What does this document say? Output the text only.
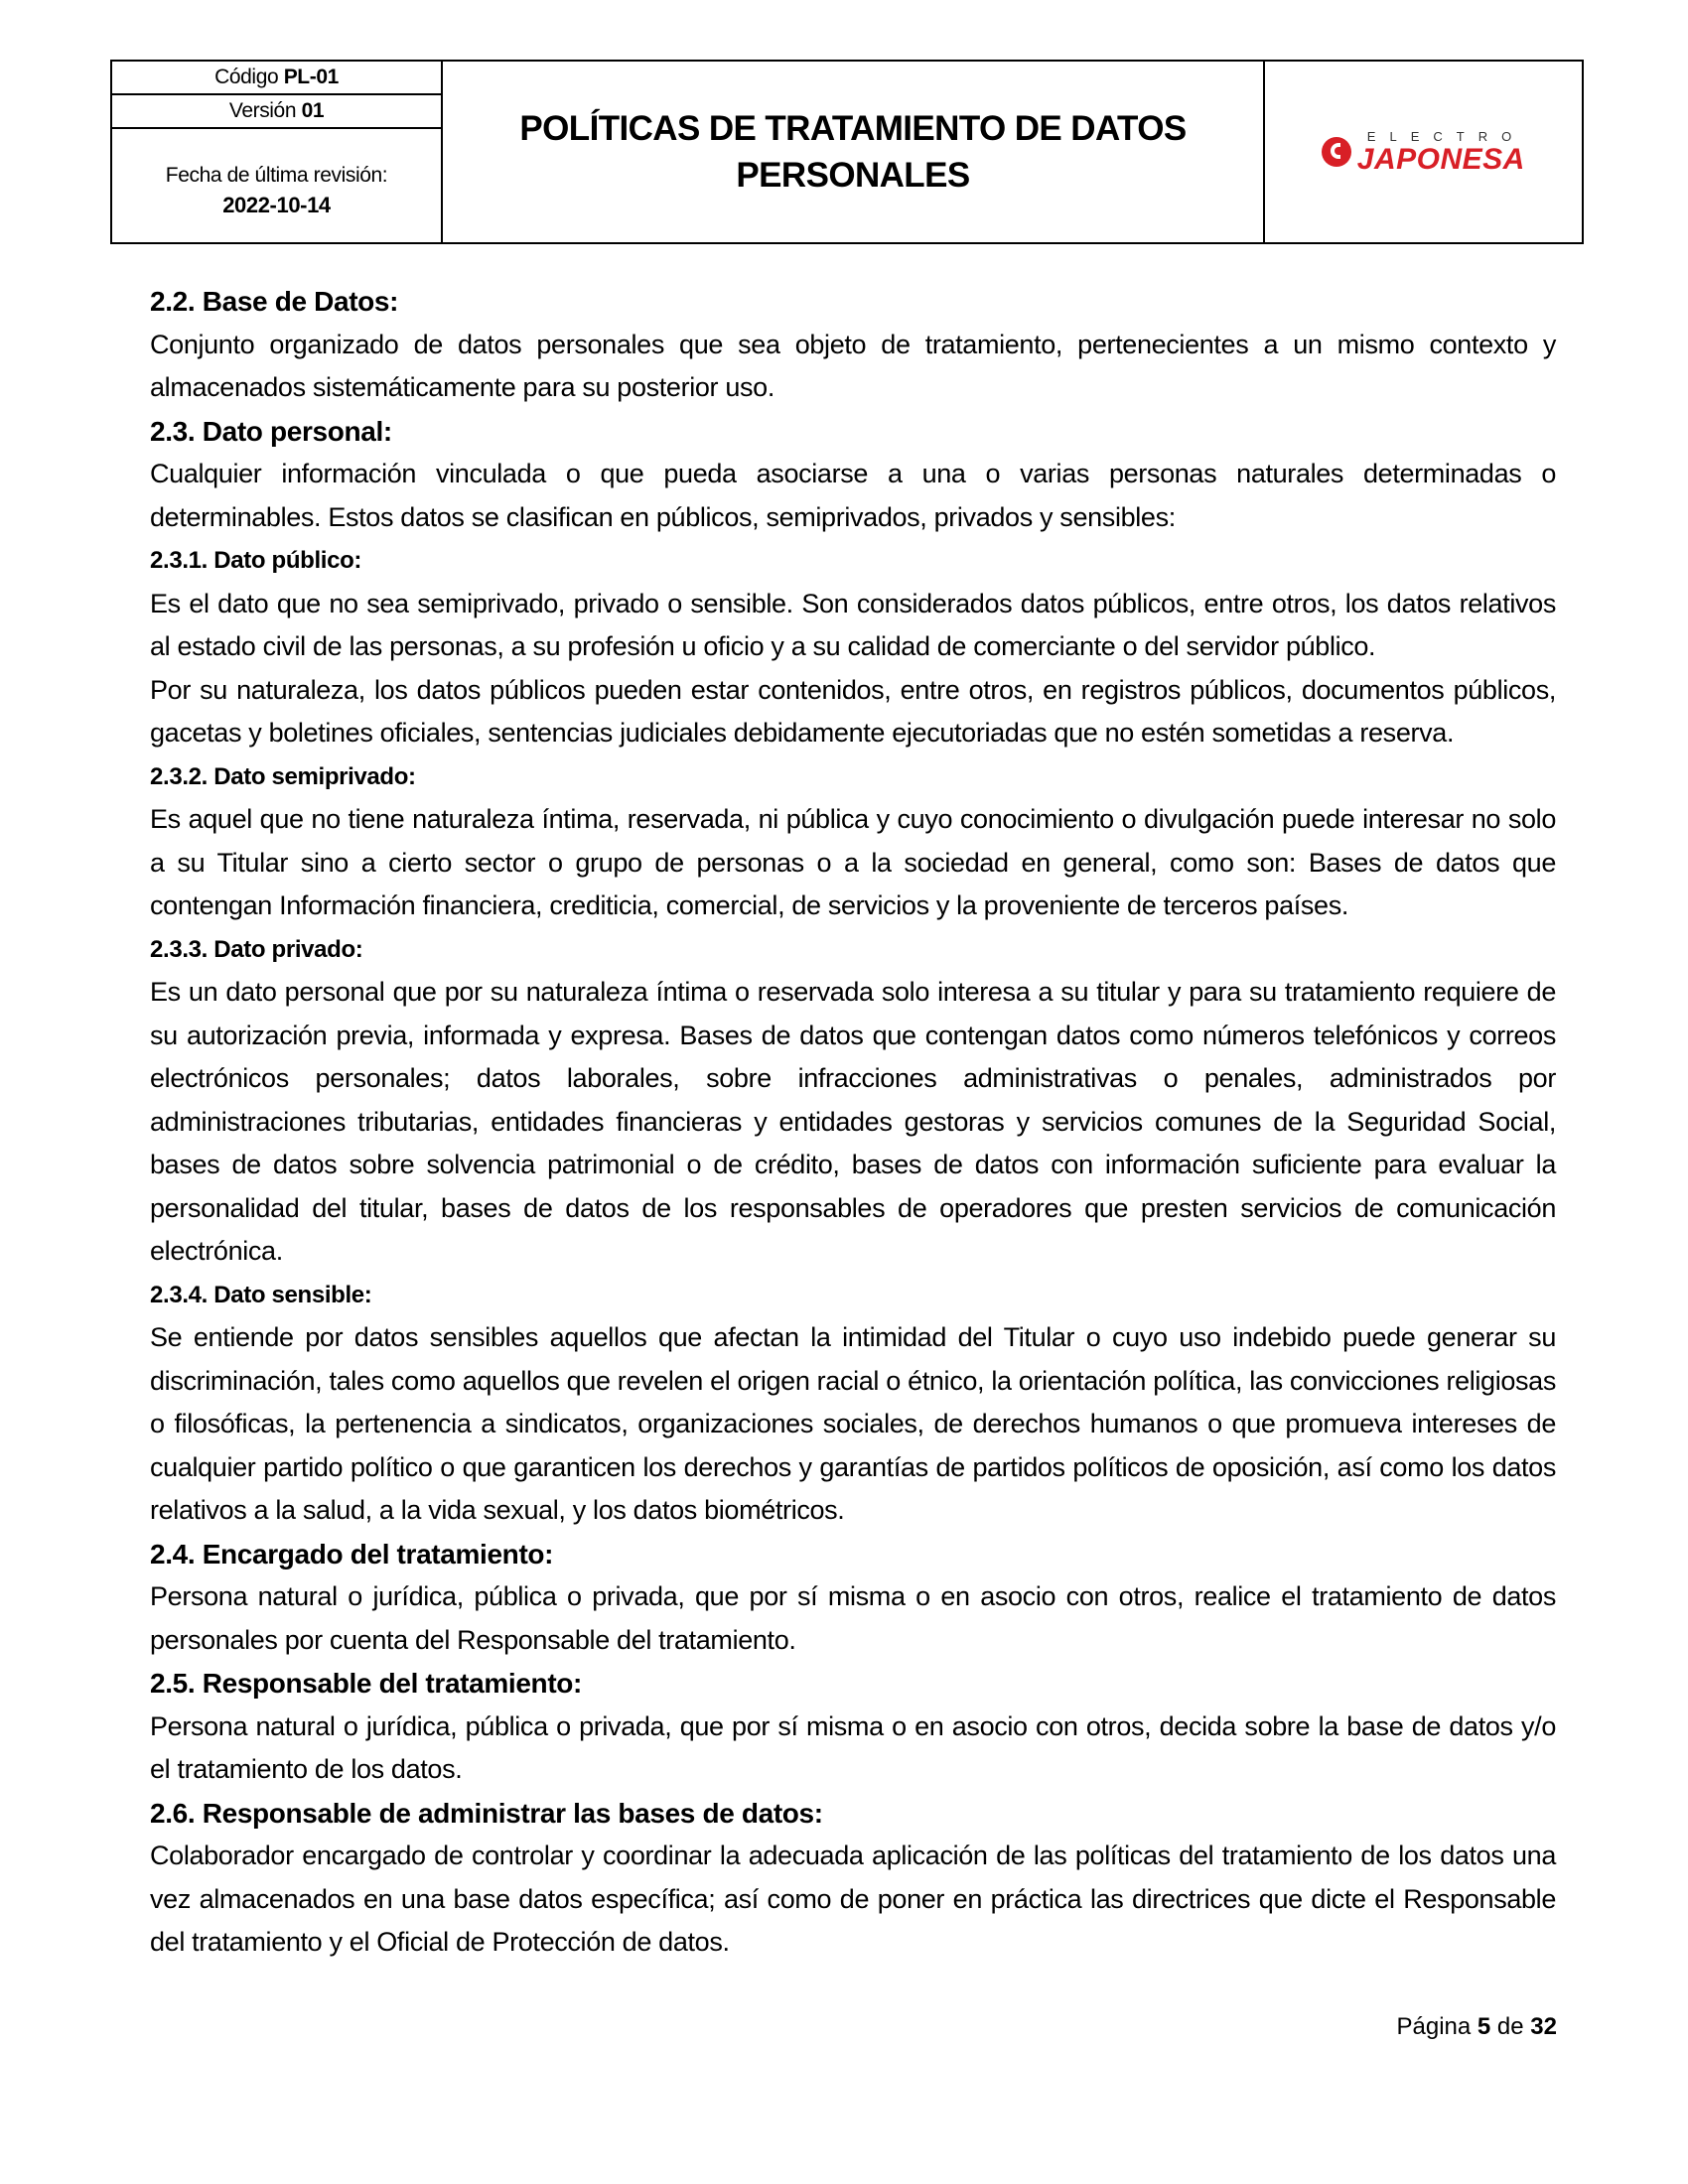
Código
PL-01
Versión
01
Fecha de última revisión:
2022-10-14
POLÍTICAS DE TRATAMIENTO DE DATOS PERSONALES
ELECTRO
JAPONESA

2.2. Base de Datos:

Conjunto organizado de datos personales que sea objeto de tratamiento, pertenecientes a un mismo contexto y almacenados sistemáticamente para su posterior uso.

2.3. Dato personal:

Cualquier información vinculada o que pueda asociarse a una o varias personas naturales determinadas o determinables. Estos datos se clasifican en públicos, semiprivados, privados y sensibles:

2.3.1. Dato público:

Es el dato que no sea semiprivado, privado o sensible. Son considerados datos públicos, entre otros, los datos relativos al estado civil de las personas, a su profesión u oficio y a su calidad de comerciante o del servidor público.

Por su naturaleza, los datos públicos pueden estar contenidos, entre otros, en registros públicos, documentos públicos, gacetas y boletines oficiales, sentencias judiciales debidamente ejecutoriadas que no estén sometidas a reserva.

2.3.2. Dato semiprivado:

Es aquel que no tiene naturaleza íntima, reservada, ni pública y cuyo conocimiento o divulgación puede interesar no solo a su Titular sino a cierto sector o grupo de personas o a la sociedad en general, como son: Bases de datos que contengan Información financiera, crediticia, comercial, de servicios y la proveniente de terceros países.

2.3.3. Dato privado:

Es un dato personal que por su naturaleza íntima o reservada solo interesa a su titular y para su tratamiento requiere de su autorización previa, informada y expresa. Bases de datos que contengan datos como números telefónicos y correos electrónicos personales; datos laborales, sobre infracciones administrativas o penales, administrados por administraciones tributarias, entidades financieras y entidades gestoras y servicios comunes de la Seguridad Social, bases de datos sobre solvencia patrimonial o de crédito, bases de datos con información suficiente para evaluar la personalidad del titular, bases de datos de los responsables de operadores que presten servicios de comunicación electrónica.

2.3.4. Dato sensible:

Se entiende por datos sensibles aquellos que afectan la intimidad del Titular o cuyo uso indebido puede generar su discriminación, tales como aquellos que revelen el origen racial o étnico, la orientación política, las convicciones religiosas o filosóficas, la pertenencia a sindicatos, organizaciones sociales, de derechos humanos o que promueva intereses de cualquier partido político o que garanticen los derechos y garantías de partidos políticos de oposición, así como los datos relativos a la salud, a la vida sexual, y los datos biométricos.

2.4. Encargado del tratamiento:

Persona natural o jurídica, pública o privada, que por sí misma o en asocio con otros, realice el tratamiento de datos personales por cuenta del Responsable del tratamiento.

2.5. Responsable del tratamiento:

Persona natural o jurídica, pública o privada, que por sí misma o en asocio con otros, decida sobre la base de datos y/o el tratamiento de los datos.

2.6. Responsable de administrar las bases de datos:

Colaborador encargado de controlar y coordinar la adecuada aplicación de las políticas del tratamiento de los datos una vez almacenados en una base datos específica; así como de poner en práctica las directrices que dicte el Responsable del tratamiento y el Oficial de Protección de datos.

Página 5 de 32
